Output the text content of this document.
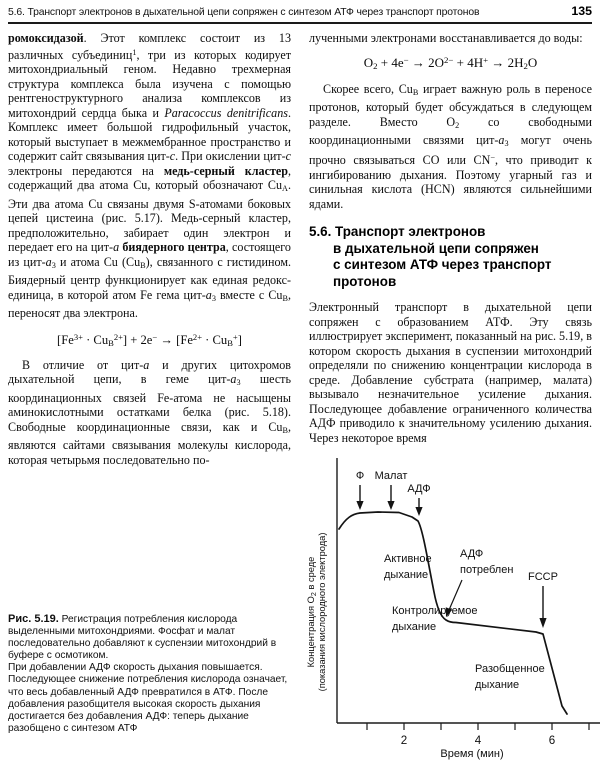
5.6. Транспорт электронов в дыхательной цепи сопряжен с синтезом АТФ через транспорт протонов	135

ромоксидазой. Этот комплекс состоит из 13 различных субъединиц$^1$, три из которых кодирует митохондриальный геном. Недавно трехмерная структура комплекса была изучена с помощью рентгеноструктурного анализа комплексов из митохондрий сердца быка и Paracoccus denitrificans. Комплекс имеет большой гидрофильный участок, который выступает в межмембранное пространство и содержит сайт связывания цит-c. При окислении цит-c электроны передаются на медь-серный кластер, содержащий два атома Cu, который обозначают $Cu_A$. Эти два атома Cu связаны двумя S-атомами боковых цепей цистеина (рис. 5.17). Медь-серный кластер, предположительно, забирает один электрон и передает его на цит-a биядерного центра, состоящего из цит-$a_3$ и атома Cu $(Cu_B)$, связанного с гистидином. Биядерный центр функционирует как единая редокс-единица, в которой атом Fe гема цит-$a_3$ вместе с $Cu_B$, переносят два электрона.

$[Fe^{3+} \cdot Cu_B^{2+}] + 2e^- \to [Fe^{2+} \cdot Cu_B^+]$

В отличие от цит-a и других цитохромов дыхательной цепи, в геме цит-$a_3$ шесть координационных связей Fe-атома не насыщены аминокислотными остатками белка (рис. 5.18). Свободные координационные связи, как и $Cu_B$, являются сайтами связывания молекулы кислорода, которая четырьмя последовательно по-

лученными электронами восстанавливается до воды:

$O_2 + 4e^- \to 2O^{2-} + 4H^+ \to 2H_2O$

Скорее всего, $Cu_B$ играет важную роль в переносе протонов, который будет обсуждаться в следующем разделе. Вместо $O_2$ со свободными координационными связями цит-$a_3$ могут очень прочно связываться CO или CN−, что приводит к ингибированию дыхания. Поэтому угарный газ и синильная кислота (HCN) являются сильнейшими ядами.

5.6. Транспорт электронов
в дыхательной цепи сопряжен
с синтезом АТФ через транспорт
протонов

Электронный транспорт в дыхательной цепи сопряжен с образованием АТФ. Эту связь иллюстрирует эксперимент, показанный на рис. 5.19, в котором скорость дыхания в суспензии митохондрий определяли по снижению концентрации кислорода в среде. Добавление субстрата (например, малата) вызывало незначительное усиление дыхания. Последующее добавление ограниченного количества АДФ приводило к значительному усилению дыхания. Через некоторое время

Рис. 5.19. Регистрация потребления кислорода выделенными митохондриями. Фосфат и малат последовательно добавляют к суспензии митохондрий в буфере с осмотиком.

При добавлении АДФ скорость дыхания повышается. Последующее снижение потребления кислорода означает, что весь добавленный АДФ превратился в АТФ. После добавления разобщителя высокая скорость дыхания достигается без добавления АДФ: теперь дыхание разобщено с синтезом АТФ

Концентрация $O_2$ в среде (показания кислородного электрода)
Время (мин)
2	4	6
Ф Малат
АДФ
FCCP
Активное
дыхание
АДФ
потреблен
Контролируемое
дыхание
Разобщенное
дыхание
